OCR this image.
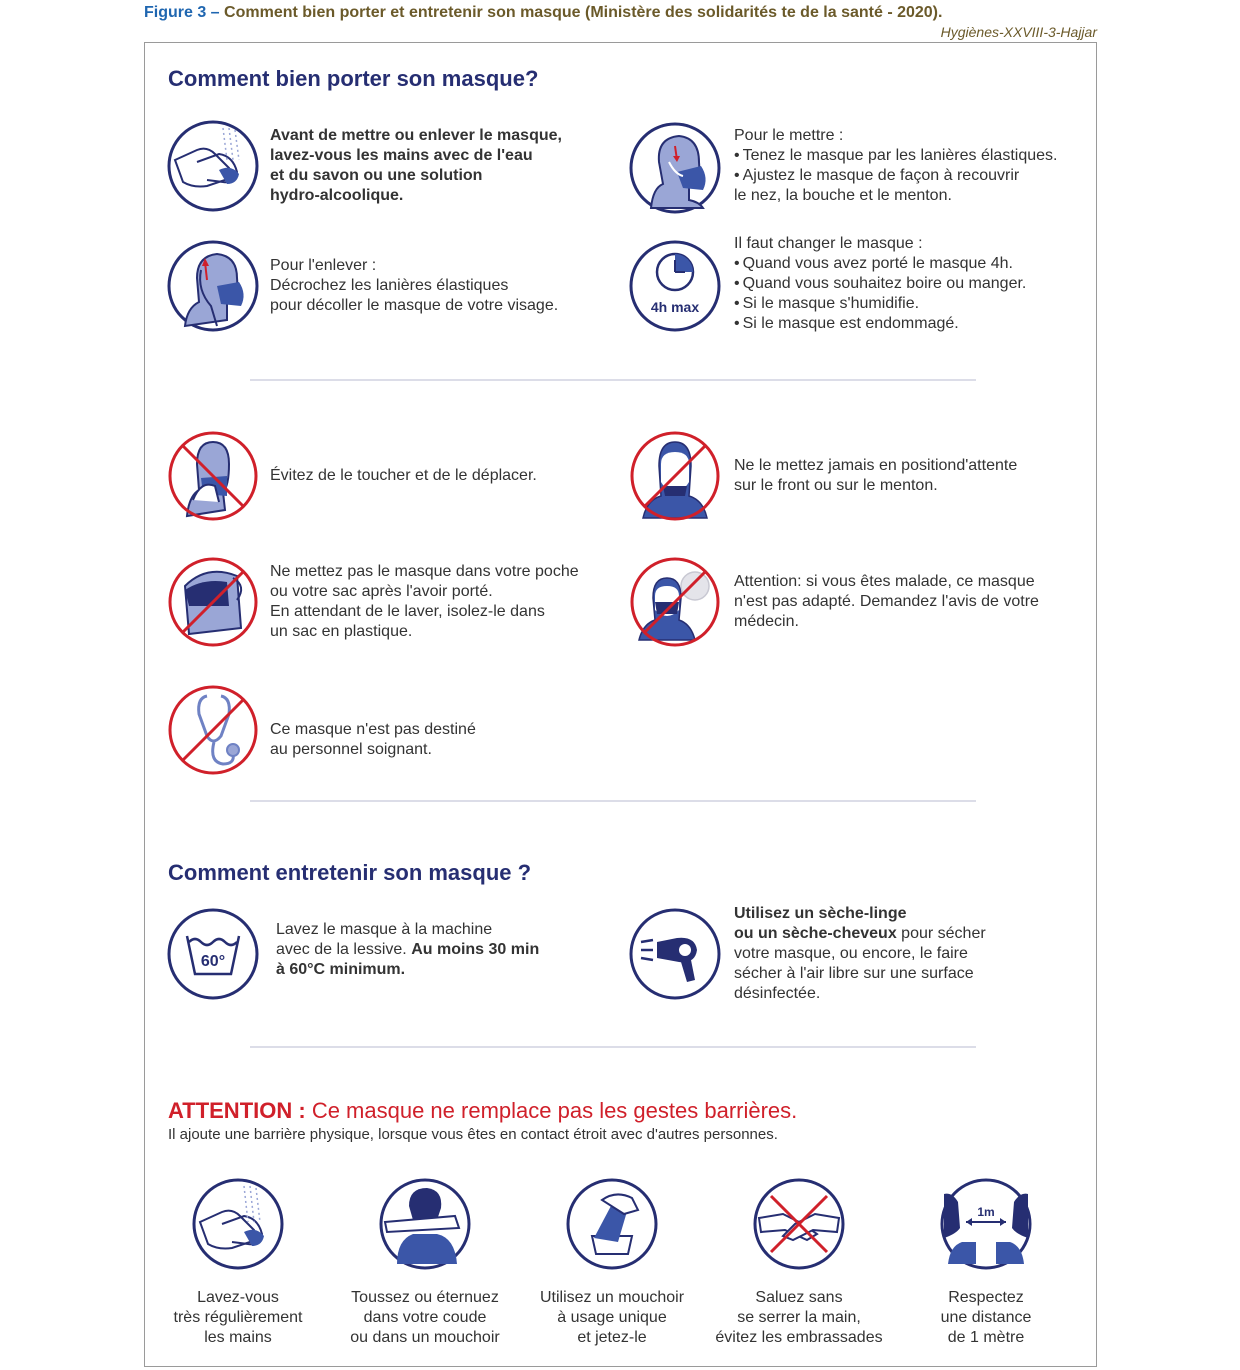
Figure 3 – Comment bien porter et entretenir son masque (Ministère des solidarités te de la santé - 2020).
Hygiènes-XXVIII-3-Hajjar
Comment bien porter son masque?
Avant de mettre ou enlever le masque,
lavez-vous les mains avec de l'eau
et du savon ou une solution
hydro-alcoolique.
Pour le mettre :
• Tenez le masque par les lanières élastiques.
• Ajustez le masque de façon à recouvrir
le nez, la bouche et le menton.
Pour l'enlever :
Décrochez les lanières élastiques
pour décoller le masque de votre visage.	4h max
Il faut changer le masque :
• Quand vous avez porté le masque 4h.
• Quand vous souhaitez boire ou manger.
• Si le masque s'humidifie.
• Si le masque est endommagé.
Évitez de le toucher et de le déplacer.
Ne le mettez jamais en positiond'attente
sur le front ou sur le menton.
Ne mettez pas le masque dans votre poche
ou votre sac après l'avoir porté.
En attendant de le laver, isolez-le dans
un sac en plastique.
Attention: si vous êtes malade, ce masque
n'est pas adapté. Demandez l'avis de votre
médecin.
Ce masque n'est pas destiné
au personnel soignant.
Comment entretenir son masque ?
60°
Lavez le masque à la machine
avec de la lessive. Au moins 30 min
à 60°C minimum.
Utilisez un sèche-linge
ou un sèche-cheveux pour sécher
votre masque, ou encore, le faire
sécher à l'air libre sur une surface
désinfectée.
ATTENTION : Ce masque ne remplace pas les gestes barrières.
Il ajoute une barrière physique, lorsque vous êtes en contact étroit avec d'autres personnes.
Lavez-vous
très régulièrement
les mains
Toussez ou éternuez
dans votre coude
ou dans un mouchoir
Utilisez un mouchoir
à usage unique
et jetez-le
Saluez sans
se serrer la main,
évitez les embrassades
1m
Respectez
une distance
de 1 mètre
